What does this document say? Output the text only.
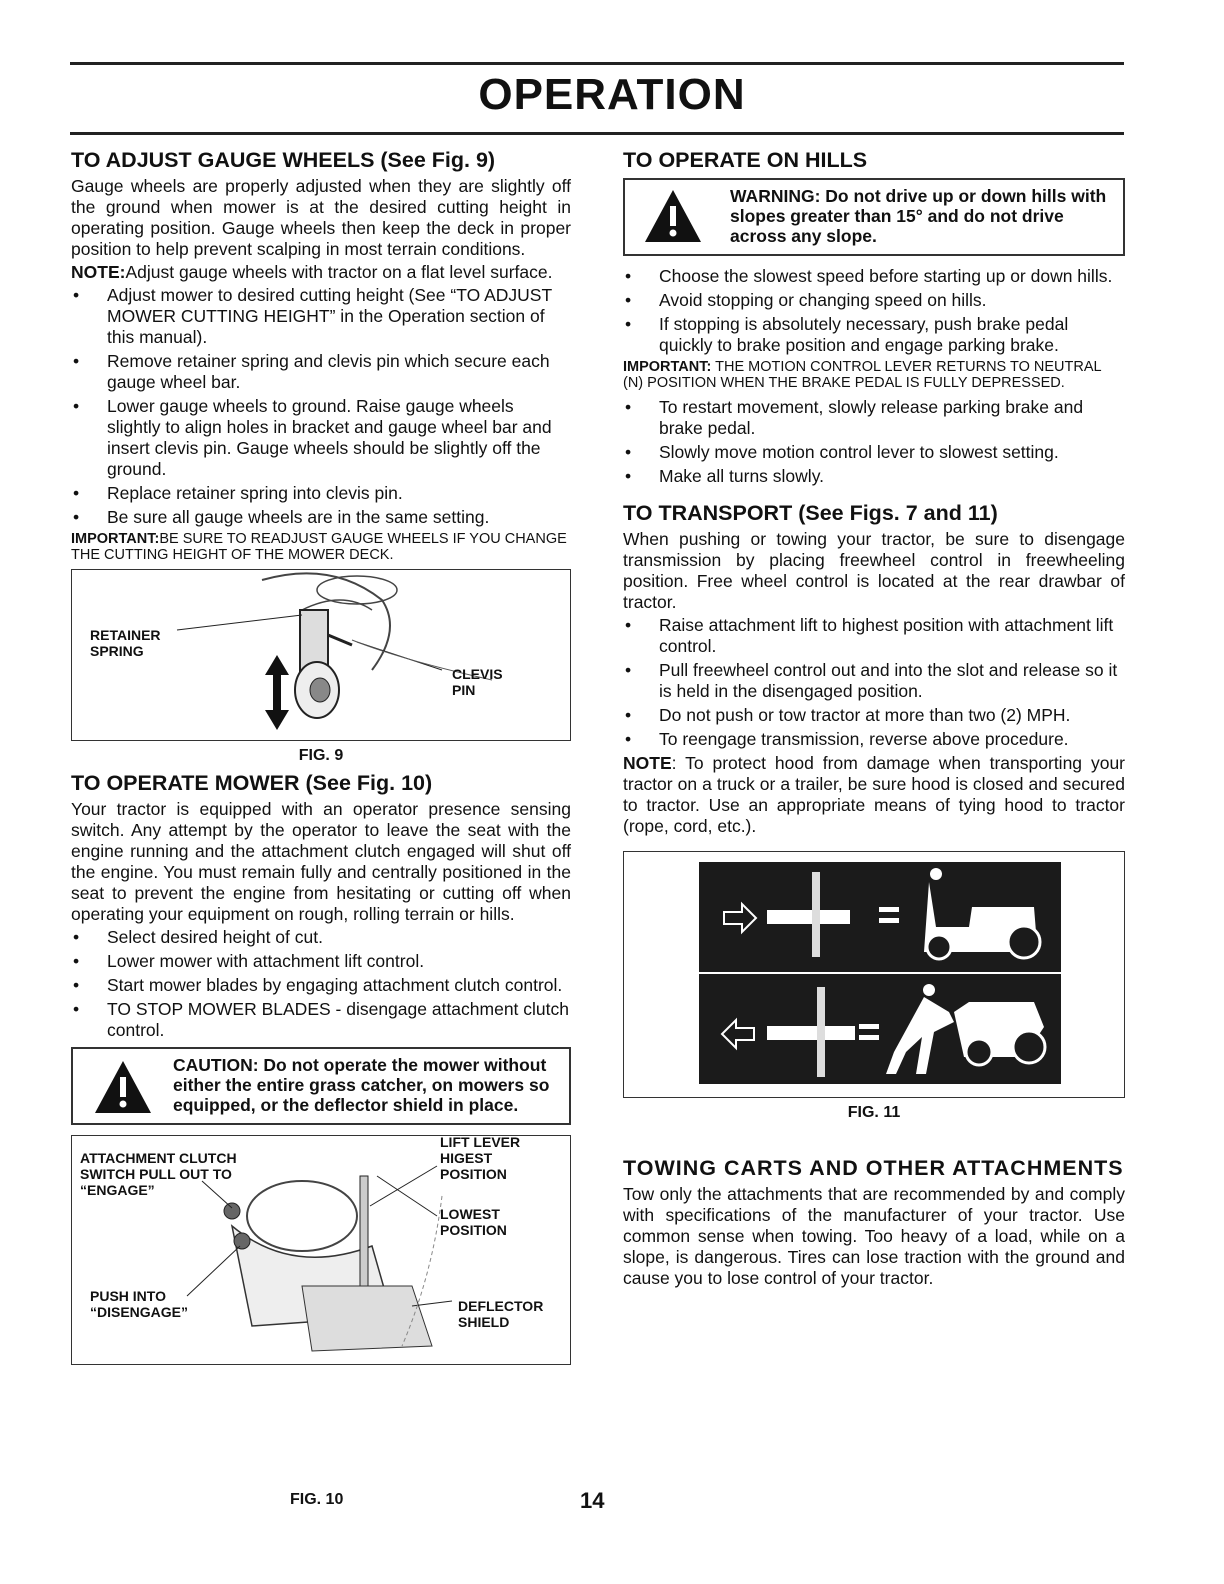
OPERATION
TO ADJUST GAUGE WHEELS (See Fig. 9)

Gauge wheels are properly adjusted when they are slightly off the ground when mower is at the desired cutting height in operating position. Gauge wheels then keep the deck in proper position to help prevent scalping in most terrain conditions.

NOTE:Adjust gauge wheels with tractor on a flat level surface.

• Adjust mower to desired cutting height (See “TO ADJUST MOWER CUTTING HEIGHT” in the Operation section of this manual).
• Remove retainer spring and clevis pin which secure each gauge wheel bar.
• Lower gauge wheels to ground. Raise gauge wheels slightly to align holes in bracket and gauge wheel bar and insert clevis pin. Gauge wheels should be slightly off the ground.
• Replace retainer spring into clevis pin.
• Be sure all gauge wheels are in the same setting.

IMPORTANT:BE SURE TO READJUST GAUGE WHEELS IF YOU CHANGE THE CUTTING HEIGHT OF THE MOWER DECK.

RETAINER SPRING
CLEVIS PIN
FIG. 9
TO OPERATE MOWER (See Fig. 10)

Your tractor is equipped with an operator presence sensing switch. Any attempt by the operator to leave the seat with the engine running and the attachment clutch engaged will shut off the engine. You must remain fully and centrally positioned in the seat to prevent the engine from hesitating or cutting off when operating your equipment on rough, rolling terrain or hills.

• Select desired height of cut.
• Lower mower with attachment lift control.
• Start mower blades by engaging attachment clutch control.
• TO STOP MOWER BLADES - disengage attachment clutch control.
CAUTION: Do not operate the mower without either the entire grass catcher, on mowers so equipped, or the deflector shield in place.
ATTACHMENT CLUTCH SWITCH PULL OUT TO “ENGAGE”
PUSH INTO “DISENGAGE”
LIFT LEVER
HIGEST POSITION
LOWEST POSITION
DEFLECTOR SHIELD
FIG. 10	14
TO OPERATE ON HILLS
WARNING: Do not drive up or down hills with slopes greater than 15° and do not drive across any slope.
• Choose the slowest speed before starting up or down hills.
• Avoid stopping or changing speed on hills.
• If stopping is absolutely necessary, push brake pedal quickly to brake position and engage parking brake.

IMPORTANT: THE MOTION CONTROL LEVER RETURNS TO NEUTRAL (N) POSITION WHEN THE BRAKE PEDAL IS FULLY DEPRESSED.

• To restart movement, slowly release parking brake and brake pedal.
• Slowly move motion control lever to slowest setting.
• Make all turns slowly.
TO TRANSPORT (See Figs. 7 and 11)

When pushing or towing your tractor, be sure to disengage transmission by placing freewheel control in freewheeling position. Free wheel control is located at the rear drawbar of tractor.

• Raise attachment lift to highest position with attachment lift control.
• Pull freewheel control out and into the slot and release so it is held in the disengaged position.
• Do not push or tow tractor at more than two (2) MPH.
• To reengage transmission, reverse above procedure.

NOTE: To protect hood from damage when transporting your tractor on a truck or a trailer, be sure hood is closed and secured to tractor. Use an appropriate means of tying hood to tractor (rope, cord, etc.).

FIG. 11
TOWING CARTS AND OTHER ATTACHMENTS

Tow only the attachments that are recommended by and comply with specifications of the manufacturer of your tractor. Use common sense when towing. Too heavy of a load, while on a slope, is dangerous. Tires can lose traction with the ground and cause you to lose control of your tractor.
